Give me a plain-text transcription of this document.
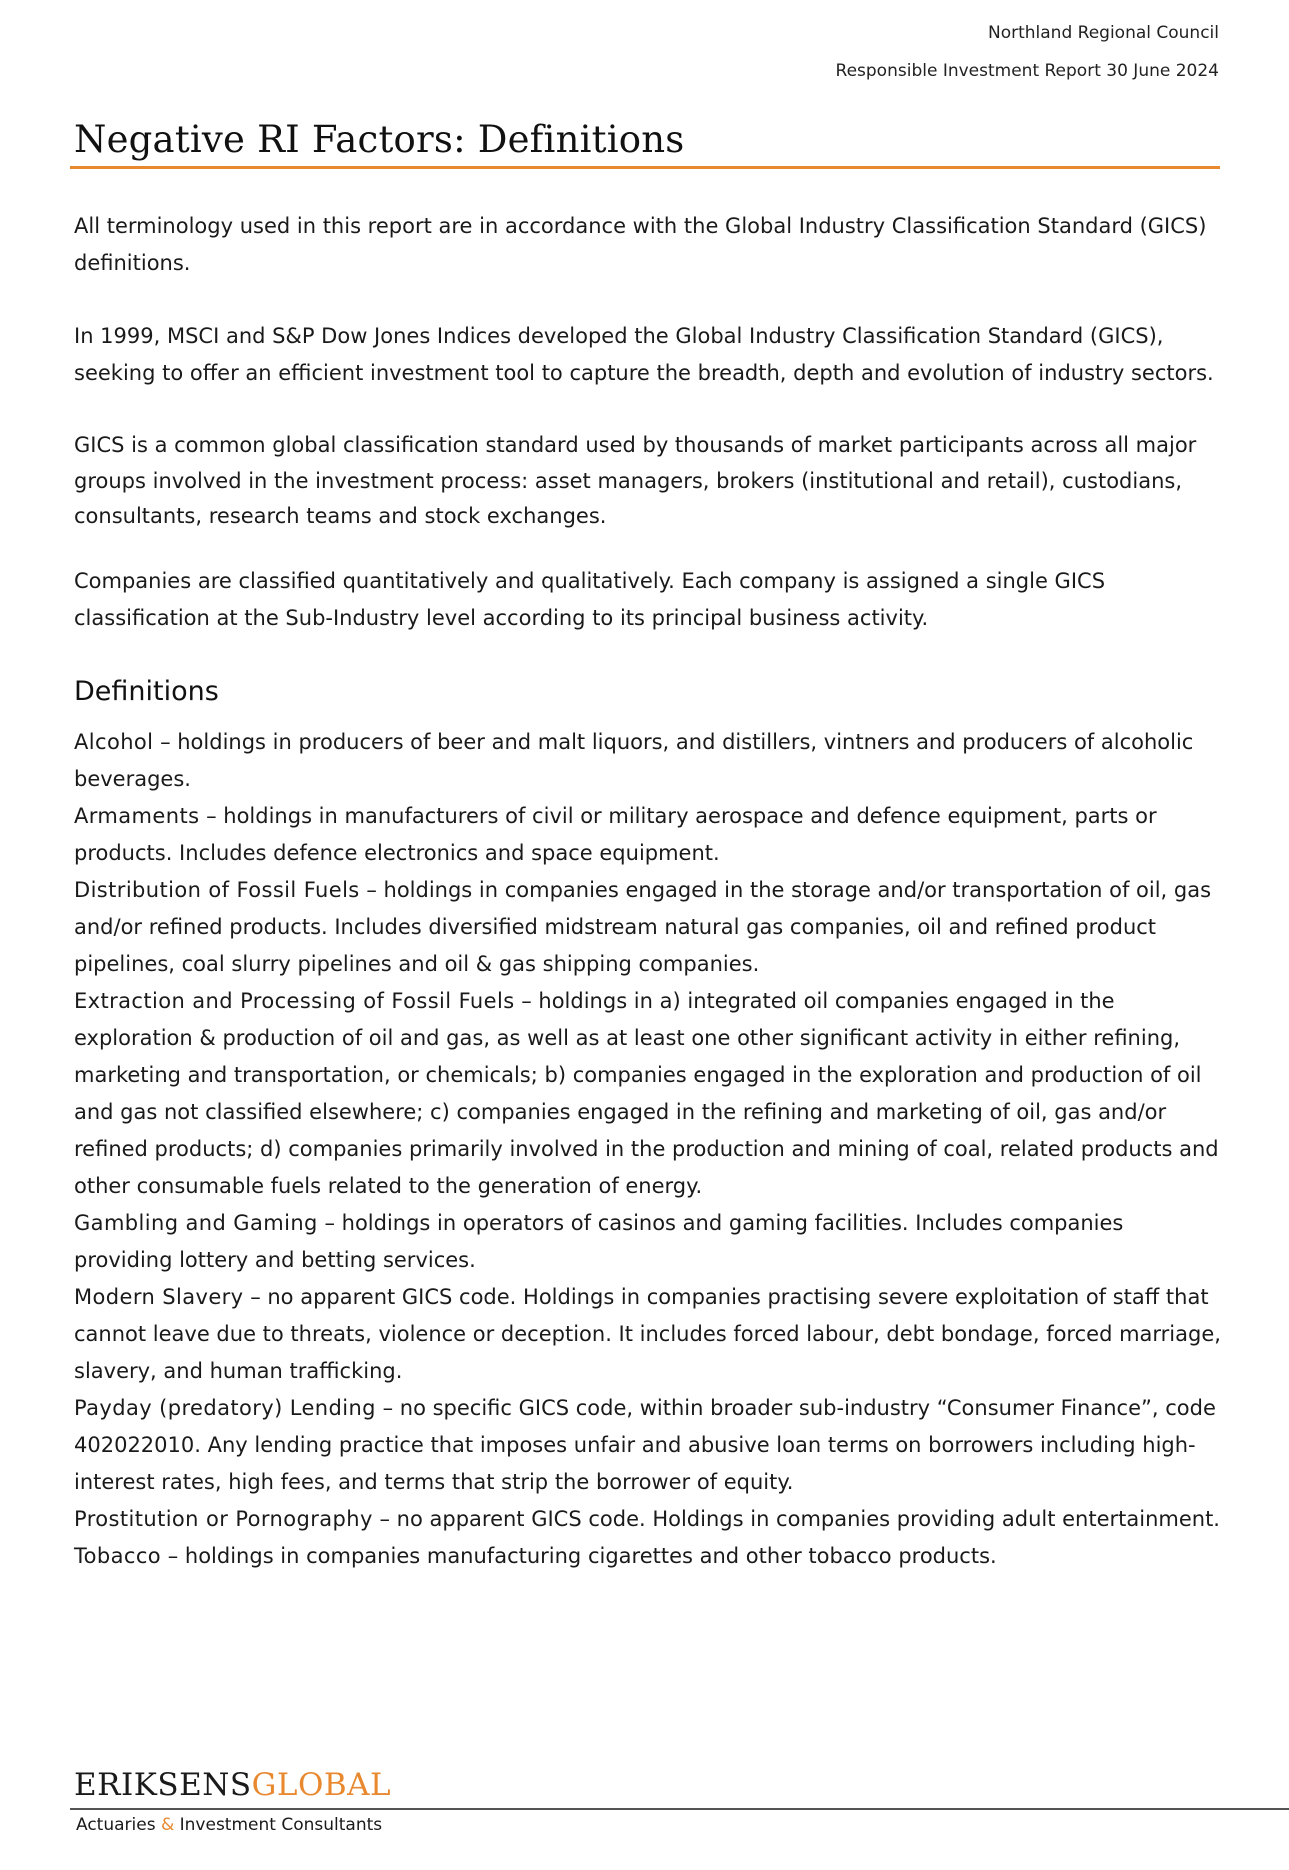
Northland Regional Council
Responsible Investment Report 30 June 2024
Negative RI Factors: Definitions

All terminology used in this report are in accordance with the Global Industry Classification Standard (GICS) definitions.

In 1999, MSCI and S&P Dow Jones Indices developed the Global Industry Classification Standard (GICS), seeking to offer an efficient investment tool to capture the breadth, depth and evolution of industry sectors.

GICS is a common global classification standard used by thousands of market participants across all major groups involved in the investment process: asset managers, brokers (institutional and retail), custodians, consultants, research teams and stock exchanges.

Companies are classified quantitatively and qualitatively. Each company is assigned a single GICS classification at the Sub-Industry level according to its principal business activity.

Definitions

Alcohol – holdings in producers of beer and malt liquors, and distillers, vintners and producers of alcoholic beverages.

Armaments – holdings in manufacturers of civil or military aerospace and defence equipment, parts or products. Includes defence electronics and space equipment.

Distribution of Fossil Fuels – holdings in companies engaged in the storage and/or transportation of oil, gas and/or refined products. Includes diversified midstream natural gas companies, oil and refined product pipelines, coal slurry pipelines and oil & gas shipping companies.

Extraction and Processing of Fossil Fuels – holdings in a) integrated oil companies engaged in the exploration & production of oil and gas, as well as at least one other significant activity in either refining, marketing and transportation, or chemicals; b) companies engaged in the exploration and production of oil and gas not classified elsewhere; c) companies engaged in the refining and marketing of oil, gas and/or refined products; d) companies primarily involved in the production and mining of coal, related products and other consumable fuels related to the generation of energy.

Gambling and Gaming – holdings in operators of casinos and gaming facilities. Includes companies providing lottery and betting services.

Modern Slavery – no apparent GICS code. Holdings in companies practising severe exploitation of staff that cannot leave due to threats, violence or deception. It includes forced labour, debt bondage, forced marriage, slavery, and human trafficking.

Payday (predatory) Lending – no specific GICS code, within broader sub-industry “Consumer Finance”, code 402022010. Any lending practice that imposes unfair and abusive loan terms on borrowers including high-interest rates, high fees, and terms that strip the borrower of equity.

Prostitution or Pornography – no apparent GICS code. Holdings in companies providing adult entertainment.

Tobacco – holdings in companies manufacturing cigarettes and other tobacco products.

ERIKSENSGLOBAL
Actuaries & Investment Consultants
